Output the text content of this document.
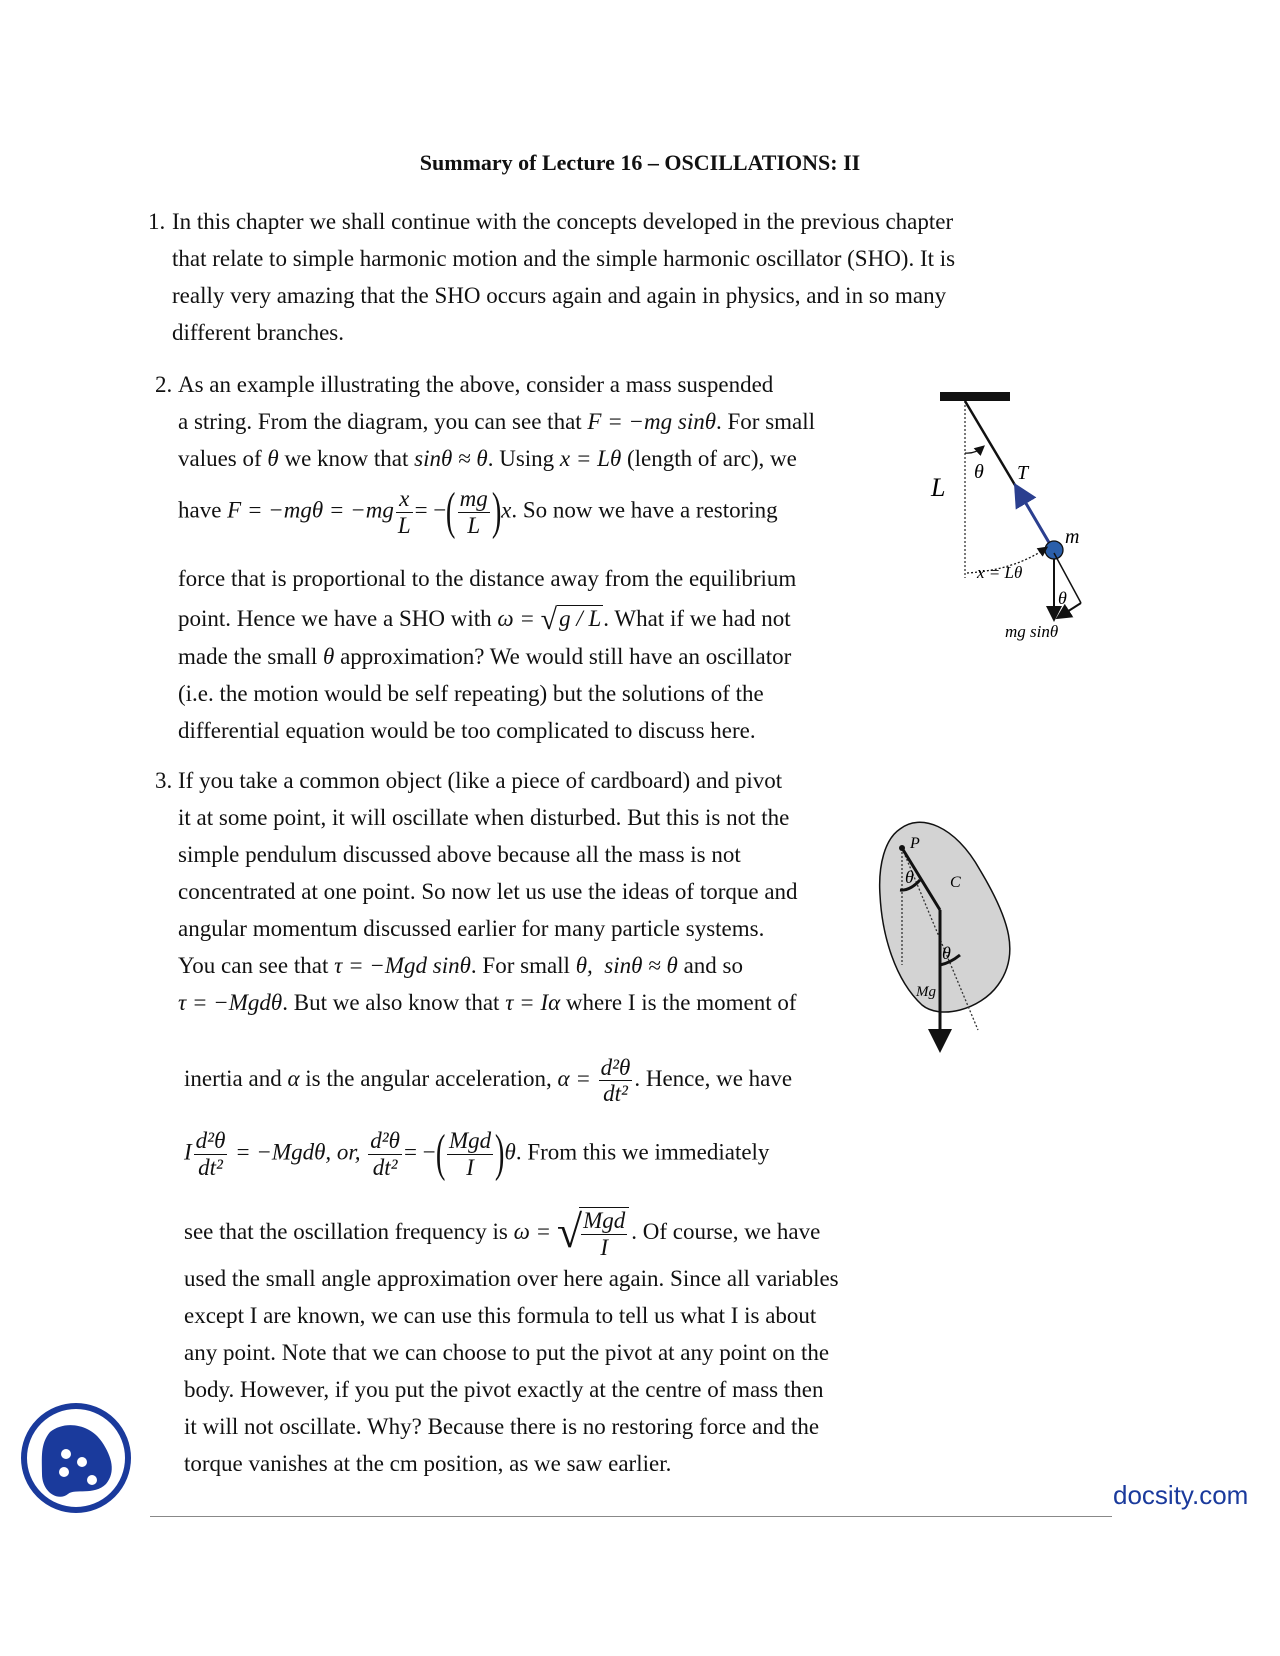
Summary of Lecture 16 – OSCILLATIONS: II
1. In this chapter we shall continue with the concepts developed in the previous chapter

that relate to simple harmonic motion and the simple harmonic oscillator (SHO). It is

really very amazing that the SHO occurs again and again in physics, and in so many

different branches.

2. As an example illustrating the above, consider a mass suspended

a string. From the diagram, you can see that F = −mg sinθ. For small

values of θ we know that sinθ ≈ θ. Using x = Lθ (length of arc), we

have $F = -mg\theta = -mg \frac{x}{L}$ = −( $\frac{mg}{L} )x$. So now we have a restoring

force that is proportional to the distance away from the equilibrium

point. Hence we have a SHO with ω = √g / L. What if we had not

made the small θ approximation? We would still have an oscillator

(i.e. the motion would be self repeating) but the solutions of the

differential equation would be too complicated to discuss here.

L
θ T
m
x = Lθ
θ
mg sinθ
3. If you take a common object (like a piece of cardboard) and pivot

it at some point, it will oscillate when disturbed. But this is not the

simple pendulum discussed above because all the mass is not

concentrated at one point. So now let us use the ideas of torque and

angular momentum discussed earlier for many particle systems.

You can see that τ = −Mgd sinθ. For small θ, sinθ ≈ θ and so

τ = −Mgdθ. But we also know that τ = Iα where I is the moment of

inertia and α is the angular acceleration, $\alpha = \frac{\text{d²θ}}{\text{dt²}}$ . Hence, we have
I $\frac{\text{d²θ}}{\text{dt²}} = -Mgd\theta$, or, $\frac{\text{d²θ}}{\text{dt²}}$ = −( Mgd
I )θ. From this we immediately
see that the oscillation frequency is ω = √ Mgd
I
. Of course, we have

used the small angle approximation over here again. Since all variables

except I are known, we can use this formula to tell us what I is about

any point. Note that we can choose to put the pivot at any point on the

body. However, if you put the pivot exactly at the centre of mass then

it will not oscillate. Why? Because there is no restoring force and the

torque vanishes at the cm position, as we saw earlier.

P
C
θ
θ
Mg
docsity.com
